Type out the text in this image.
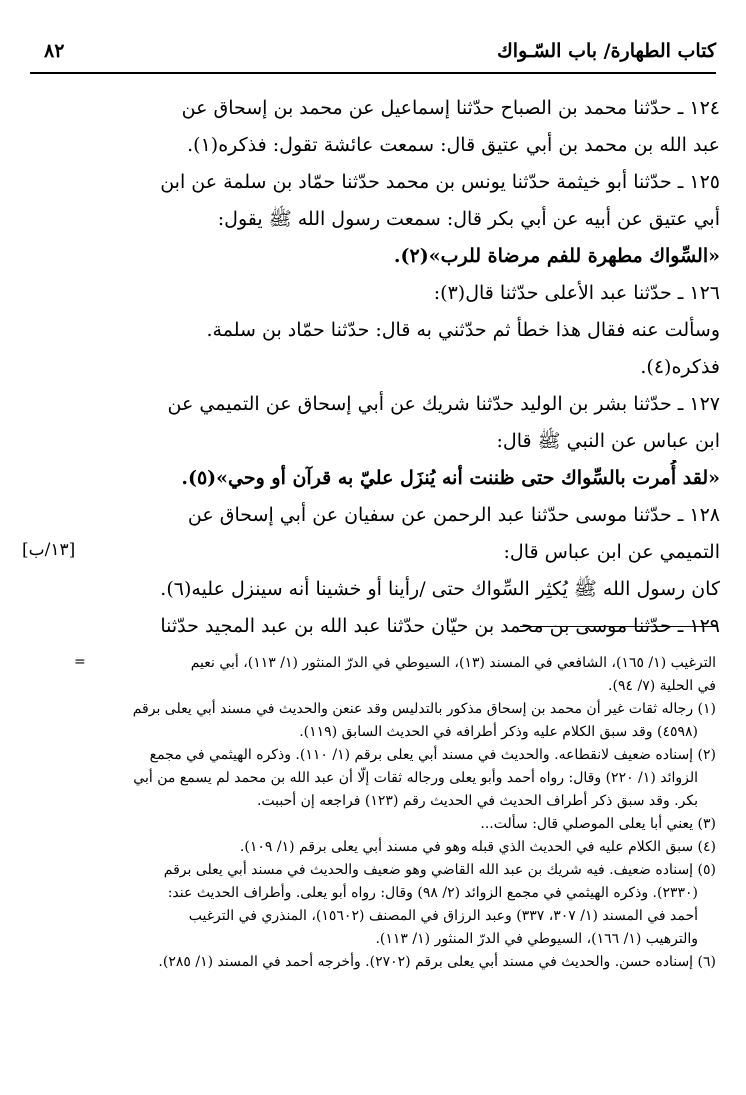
كتاب الطهارة/ باب السّـواك
٨٢
[١٣/ب]
١٢٤ ـ حدّثنا محمد بن الصباح حدّثنا إسماعيل عن محمد بن إسحاق عن
عبد الله بن محمد بن أبي عتيق قال: سمعت عائشة تقول: فذكره(١).
١٢٥ ـ حدّثنا أبو خيثمة حدّثنا يونس بن محمد حدّثنا حمّاد بن سلمة عن ابن
أبي عتيق عن أبيه عن أبي بكر قال: سمعت رسول الله ﷺ يقول:
«السِّواك مطهرة للفم مرضاة للرب»(٢).
١٢٦ ـ حدّثنا عبد الأعلى حدّثنا قال(٣):
وسألت عنه فقال هذا خطأ ثم حدّثني به قال: حدّثنا حمّاد بن سلمة.
فذكره(٤).
١٢٧ ـ حدّثنا بشر بن الوليد حدّثنا شريك عن أبي إسحاق عن التميمي عن
ابن عباس عن النبي ﷺ قال:
«لقد أُمرت بالسِّواك حتى ظننت أنه يُنزَل عليّ به قرآن أو وحي»(٥).
١٢٨ ـ حدّثنا موسى حدّثنا عبد الرحمن عن سفيان عن أبي إسحاق عن
التميمي عن ابن عباس قال:
كان رسول الله ﷺ يُكثِر السِّواك حتى /رأينا أو خشينا أنه سينزل عليه(٦).
١٢٩ ـ حدّثنا موسى بن محمد بن حيّان حدّثنا عبد الله بن عبد المجيد حدّثنا
=	الترغيب (١/ ١٦٥)، الشافعي في المسند (١٣)، السيوطي في الدرّ المنثور (١/ ١١٣)، أبي نعيم
في الحلية (٧/ ٩٤).
(١) رجاله ثقات غير أن محمد بن إسحاق مذكور بالتدليس وقد عنعن والحديث في مسند أبي يعلى برقم
(٤٥٩٨) وقد سبق الكلام عليه وذكر أطرافه في الحديث السابق (١١٩).
(٢) إسناده ضعيف لانقطاعه. والحديث في مسند أبي يعلى برقم (١/ ١١٠). وذكره الهيثمي في مجمع
الزوائد (١/ ٢٢٠) وقال: رواه أحمد وأبو يعلى ورجاله ثقات إلّا أن عبد الله بن محمد لم يسمع من أبي
بكر. وقد سبق ذكر أطراف الحديث في الحديث رقم (١٢٣) فراجعه إن أحببت.
(٣) يعني أبا يعلى الموصلي قال: سألت...
(٤) سبق الكلام عليه في الحديث الذي قبله وهو في مسند أبي يعلى برقم (١/ ١٠٩).
(٥) إسناده ضعيف. فيه شريك بن عبد الله القاضي وهو ضعيف والحديث في مسند أبي يعلى برقم
(٢٣٣٠). وذكره الهيثمي في مجمع الزوائد (٢/ ٩٨) وقال: رواه أبو يعلى. وأطراف الحديث عند:
أحمد في المسند (١/ ٣٠٧، ٣٣٧) وعبد الرزاق في المصنف (١٥٦٠٢)، المنذري في الترغيب
والترهيب (١/ ١٦٦)، السيوطي في الدرّ المنثور (١/ ١١٣).
(٦) إسناده حسن. والحديث في مسند أبي يعلى برقم (٢٧٠٢). وأخرجه أحمد في المسند (١/ ٢٨٥).
